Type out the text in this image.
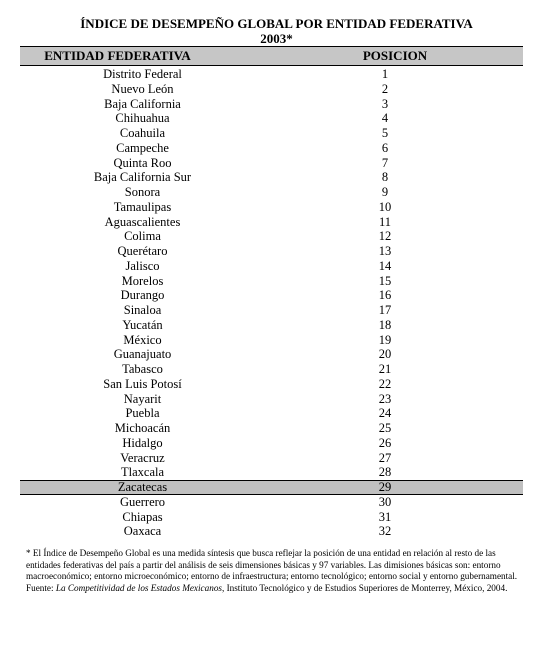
ÍNDICE DE DESEMPEÑO GLOBAL POR ENTIDAD FEDERATIVA
2003*
ENTIDAD FEDERATIVA	POSICION
Distrito Federal	1
Nuevo León	2
Baja California	3
Chihuahua	4
Coahuila	5
Campeche	6
Quinta Roo	7
Baja California Sur	8
Sonora	9
Tamaulipas	10
Aguascalientes	11
Colima	12
Querétaro	13
Jalisco	14
Morelos	15
Durango	16
Sinaloa	17
Yucatán	18
México	19
Guanajuato	20
Tabasco	21
San Luis Potosí	22
Nayarit	23
Puebla	24
Michoacán	25
Hidalgo	26
Veracruz	27
Tlaxcala	28
Zacatecas	29
Guerrero	30
Chiapas	31
Oaxaca	32

* El Índice de Desempeño Global es una medida síntesis que busca reflejar la posición de una entidad en relación al resto de las entidades federativas del país a partir del análisis de seis dimensiones básicas y 97 variables. Las dimisiones básicas son: entorno macroeconómico; entorno microeconómico; entorno de infraestructura; entorno tecnológico; entorno social y entorno gubernamental.

Fuente: La Competitividad de los Estados Mexicanos, Instituto Tecnológico y de Estudios Superiores de Monterrey, México, 2004.
